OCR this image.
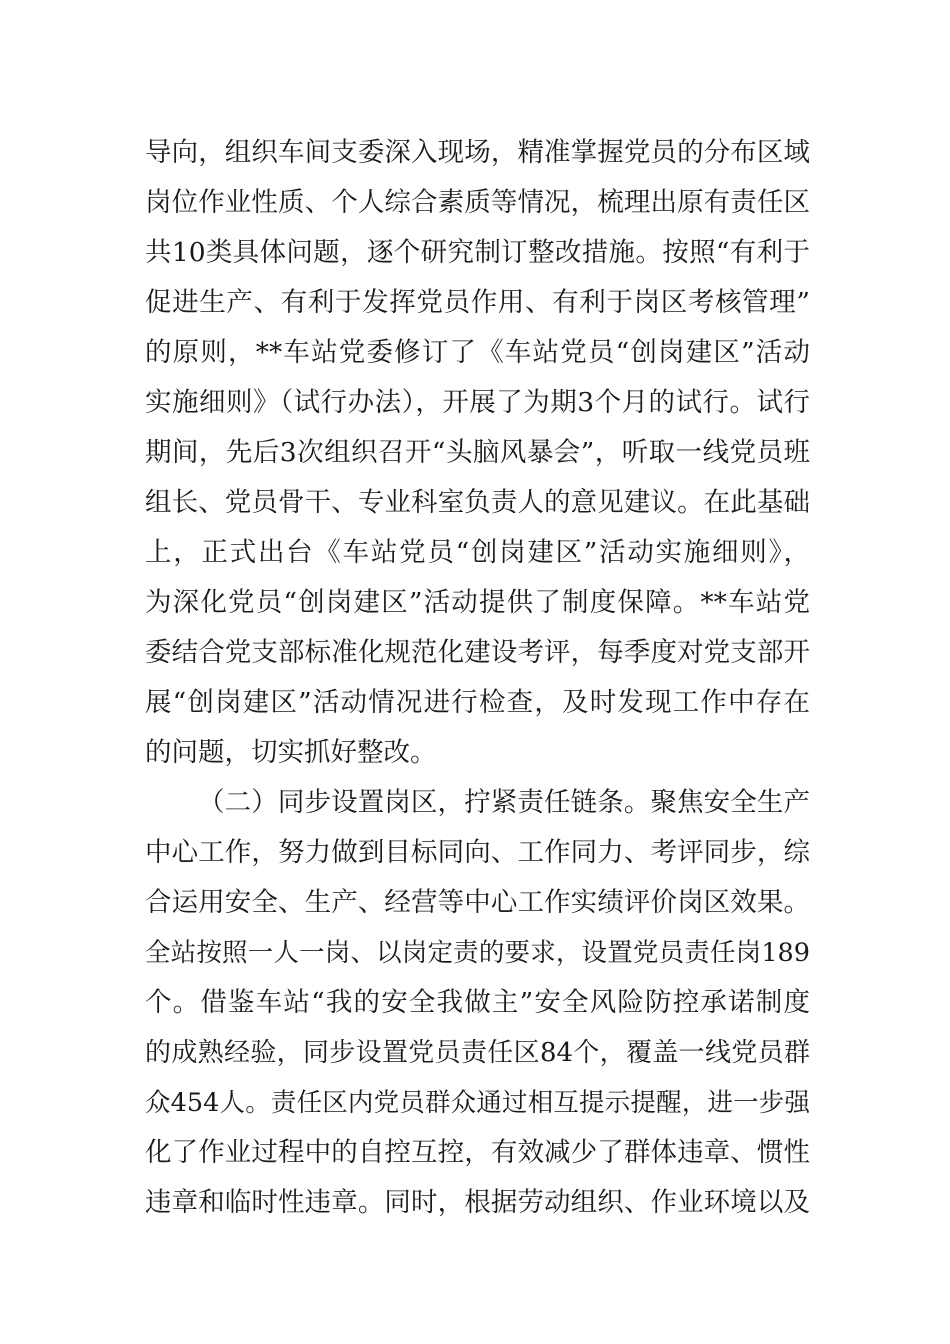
导向，组织车间支委深入现场，精准掌握党员的分布区域

岗位作业性质、个人综合素质等情况，梳理出原有责任区

共10类具体问题，逐个研究制订整改措施。按照“有利于

促进生产、有利于发挥党员作用、有利于岗区考核管理”

的原则，**车站党委修订了《车站党员“创岗建区”活动

实施细则》（试行办法），开展了为期3个月的试行。试行

期间，先后3次组织召开“头脑风暴会”，听取一线党员班

组长、党员骨干、专业科室负责人的意见建议。在此基础

上，正式出台《车站党员“创岗建区”活动实施细则》，

为深化党员“创岗建区”活动提供了制度保障。**车站党

委结合党支部标准化规范化建设考评，每季度对党支部开

展“创岗建区”活动情况进行检查，及时发现工作中存在

的问题，切实抓好整改。

（二）同步设置岗区，拧紧责任链条。聚焦安全生产

中心工作，努力做到目标同向、工作同力、考评同步，综

合运用安全、生产、经营等中心工作实绩评价岗区效果。

全站按照一人一岗、以岗定责的要求，设置党员责任岗189

个。借鉴车站“我的安全我做主”安全风险防控承诺制度

的成熟经验，同步设置党员责任区84个，覆盖一线党员群

众454人。责任区内党员群众通过相互提示提醒，进一步强

化了作业过程中的自控互控，有效减少了群体违章、惯性

违章和临时性违章。同时，根据劳动组织、作业环境以及
